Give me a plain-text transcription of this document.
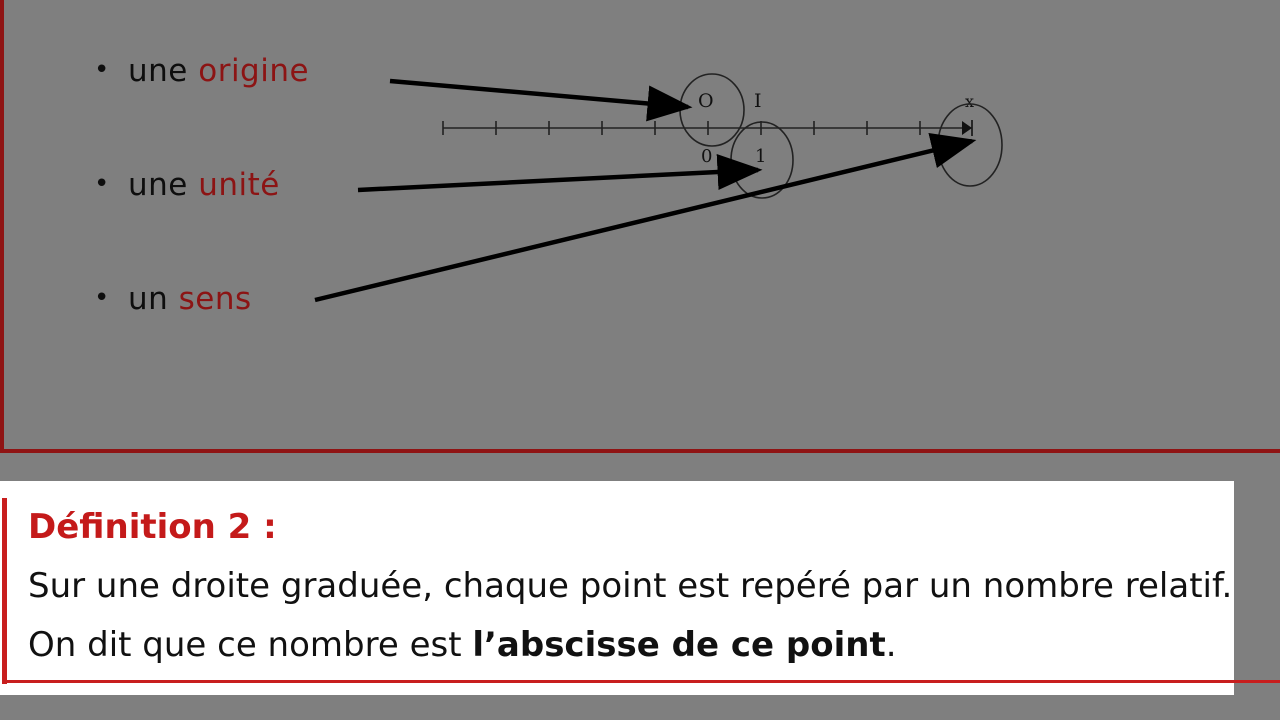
•une origine
•une unité
•un sens
O I	x
0 1
Définition 2 :
Sur une droite graduée, chaque point est repéré par un nombre relatif.
On dit que ce nombre est l’abscisse de ce point.
